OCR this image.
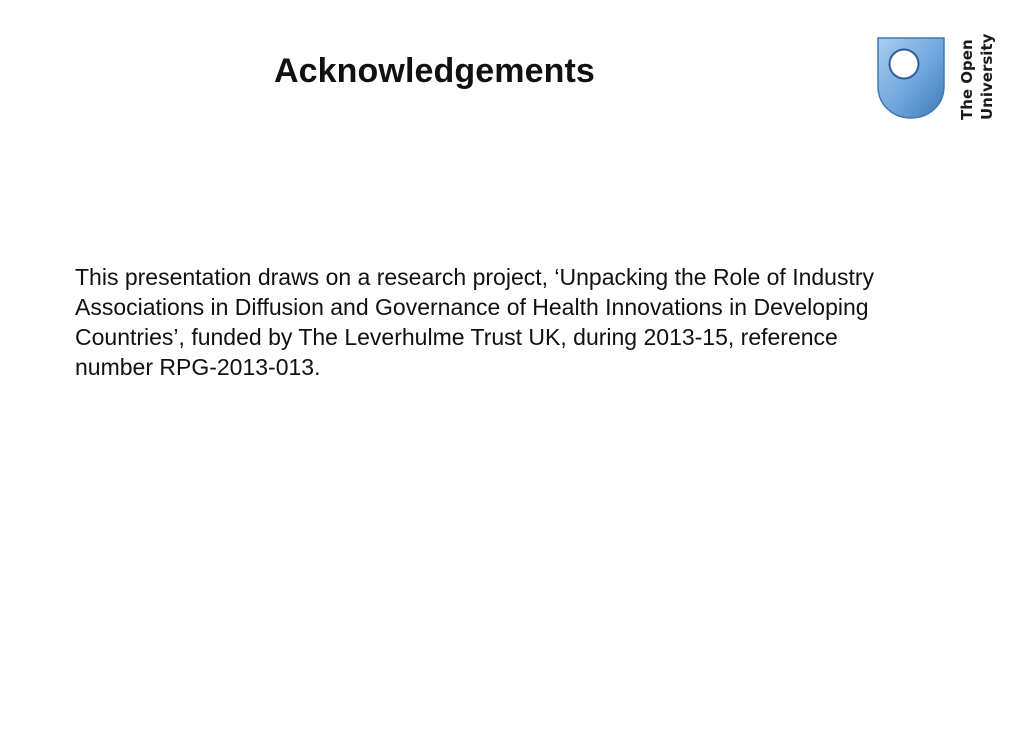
Acknowledgements	The Open University
This presentation draws on a research project, ‘Unpacking the Role of Industry
Associations in Diffusion and Governance of Health Innovations in Developing
Countries’, funded by The Leverhulme Trust UK, during 2013-15, reference
number RPG-2013-013.
